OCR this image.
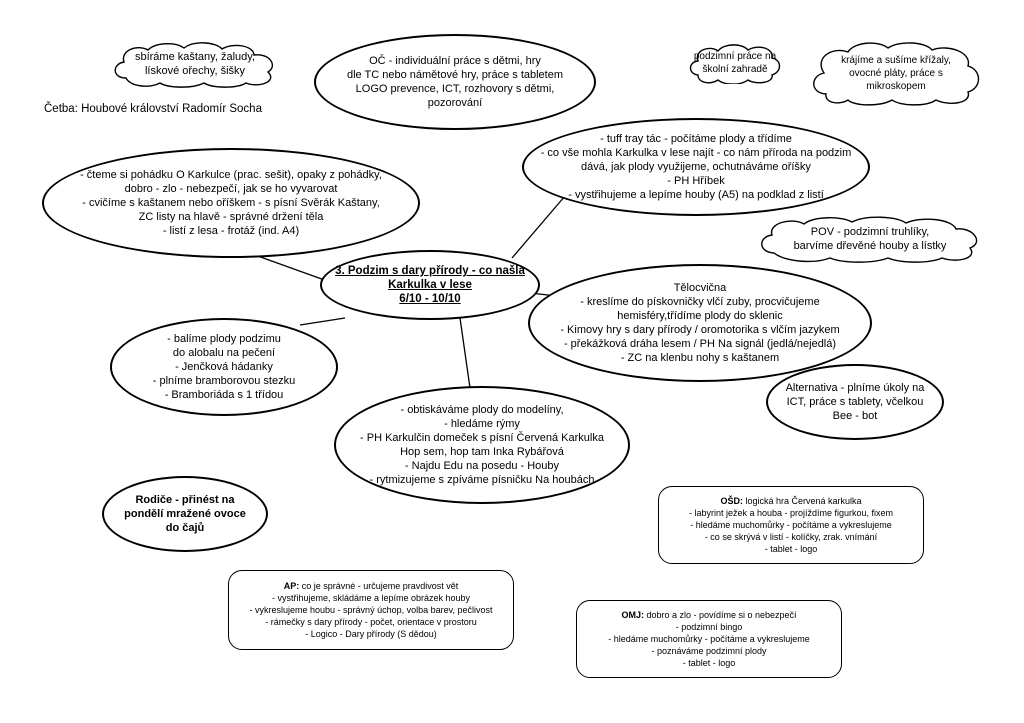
Četba: Houbové království Radomír Socha
sbíráme kaštany, žaludy,
lískové ořechy, šišky
podzimní práce na
školní zahradě
krájíme a sušíme křížaly,
ovocné pláty, práce s
mikroskopem
POV - podzimní truhlíky,
barvíme dřevěné houby a lístky
OČ - individuální práce s dětmi, hry
dle TC nebo námětové hry, práce s tabletem
LOGO prevence, ICT, rozhovory s dětmi,
pozorování
- tuff tray tác - počítáme plody a třídíme
- co vše mohla Karkulka v lese najít - co nám příroda na podzim
dává, jak plody využijeme, ochutnáváme oříšky
- PH Hříbek
- vystřihujeme a lepíme houby (A5) na podklad z listí
- čteme si pohádku O Karkulce (prac. sešit), opaky z pohádky,
dobro - zlo - nebezpečí, jak se ho vyvarovat
- cvičíme s kaštanem nebo oříškem - s písní Svěrák Kaštany,
ZC listy na hlavě - správné držení těla
- listí z lesa - frotáž (ind. A4)
3. Podzim s dary přírody - co našla
Karkulka v lese
6/10 - 10/10
Tělocvična
- kreslíme do pískovničky vlčí zuby, procvičujeme
hemisféry,třídíme plody do sklenic
- Kimovy hry s dary přírody / oromotorika s vlčím jazykem
- překážková dráha lesem / PH Na signál (jedlá/nejedlá)
- ZC na klenbu nohy s kaštanem
- balíme plody podzimu
do alobalu na pečení
- Jenčková hádanky
- plníme bramborovou stezku
- Bramboriáda s 1 třídou
- obtiskáváme plody do modelíny,
- hledáme rýmy
- PH Karkulčin domeček s písní Červená Karkulka
Hop sem, hop tam Inka Rybářová
- Najdu Edu na posedu - Houby
- rytmizujeme s zpíváme písničku Na houbách
Alternativa - plníme úkoly na
ICT, práce s tablety, včelkou
Bee - bot
Rodiče - přinést na
pondělí mražené ovoce
do čajů
OŠD: logická hra Červená karkulka
- labyrint ježek a houba - projíždíme figurkou, fixem
- hledáme muchomůrky - počítáme a vykreslujeme
- co se skrývá v listí - kolíčky, zrak. vnímání
- tablet - logo
AP: co je správné - určujeme pravdivost vět
- vystřihujeme, skládáme a lepíme obrázek houby
- vykreslujeme houbu - správný úchop, volba barev, pečlivost
- rámečky s dary přírody - počet, orientace v prostoru
- Logico - Dary přírody (S dědou)
OMJ: dobro a zlo - povídíme si o nebezpečí
- podzimní bingo
- hledáme muchomůrky - počítáme a vykreslujeme
- poznáváme podzimní plody
- tablet - logo
